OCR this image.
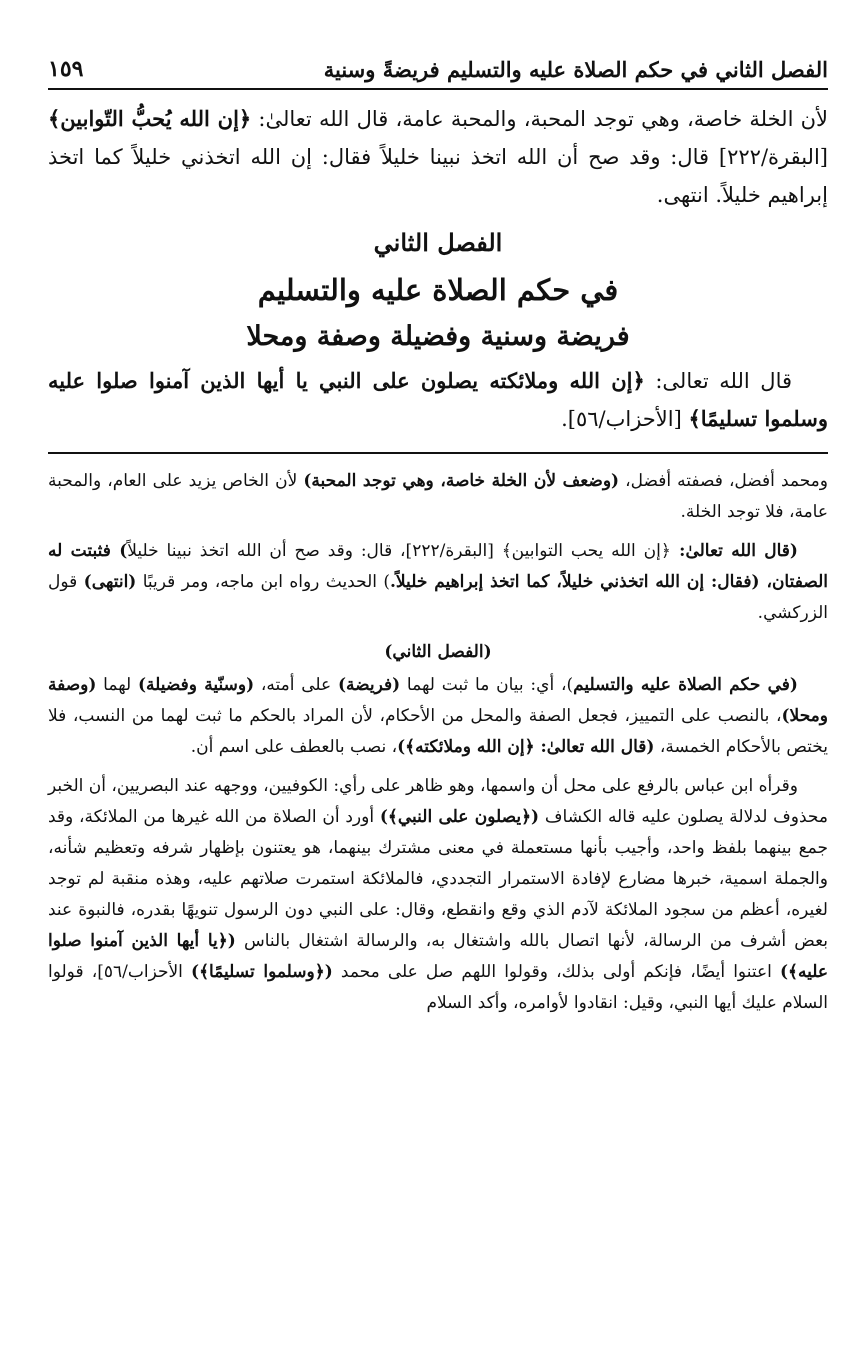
الفصل الثاني في حكم الصلاة عليه والتسليم فريضةً وسنية
١٥٩

لأن الخلة خاصة، وهي توجد المحبة، والمحبة عامة، قال الله تعالىٰ: ﴿إن الله يُحبُّ التّوابين﴾ [البقرة/٢٢٢] قال: وقد صح أن الله اتخذ نبينا خليلاً فقال: إن الله اتخذني خليلاً كما اتخذ إبراهيم خليلاً. انتهى.

الفصل الثاني
في حكم الصلاة عليه والتسليم
فريضة وسنية وفضيلة وصفة ومحلا

قال الله تعالى: ﴿إن الله وملائكته يصلون على النبي يا أيها الذين آمنوا صلوا عليه وسلموا تسليمًا﴾ [الأحزاب/٥٦].

ومحمد أفضل، فصفته أفضل، (وضعف لأن الخلة خاصة، وهي توجد المحبة) لأن الخاص يزيد على العام، والمحبة عامة، فلا توجد الخلة.

(قال الله تعالىٰ: ﴿إن الله يحب التوابين﴾ [البقرة/٢٢٢]، قال: وقد صح أن الله اتخذ نبينا خليلاً) فثبتت له الصفتان، (فقال: إن الله اتخذني خليلاً، كما اتخذ إبراهيم خليلاً.) الحديث رواه ابن ماجه، ومر قريبًا (انتهى) قول الزركشي.

(الفصل الثاني)

(في حكم الصلاة عليه والتسليم)، أي: بيان ما ثبت لهما (فريضة) على أمته، (وسنّية وفضيلة) لهما (وصفة ومحلا)، بالنصب على التمييز، فجعل الصفة والمحل من الأحكام، لأن المراد بالحكم ما ثبت لهما من النسب، فلا يختص بالأحكام الخمسة، (قال الله تعالىٰ: ﴿إن الله وملائكته﴾)، نصب بالعطف على اسم أن.

وقرأه ابن عباس بالرفع على محل أن واسمها، وهو ظاهر على رأي: الكوفيين، ووجهه عند البصريين، أن الخبر محذوف لدلالة يصلون عليه قاله الكشاف (﴿يصلون على النبي﴾) أورد أن الصلاة من الله غيرها من الملائكة، وقد جمع بينهما بلفظ واحد، وأجيب بأنها مستعملة في معنى مشترك بينهما، هو يعتنون بإظهار شرفه وتعظيم شأنه، والجملة اسمية، خبرها مضارع لإفادة الاستمرار التجددي، فالملائكة استمرت صلاتهم عليه، وهذه منقبة لم توجد لغيره، أعظم من سجود الملائكة لآدم الذي وقع وانقطع، وقال: على النبي دون الرسول تنويهًا بقدره، فالنبوة عند بعض أشرف من الرسالة، لأنها اتصال بالله واشتغال به، والرسالة اشتغال بالناس (﴿يا أيها الذين آمنوا صلوا عليه﴾) اعتنوا أيضًا، فإنكم أولى بذلك، وقولوا اللهم صل على محمد (﴿وسلموا تسليمًا﴾) الأحزاب/٥٦]، قولوا السلام عليك أيها النبي، وقيل: انقادوا لأوامره، وأكد السلام
